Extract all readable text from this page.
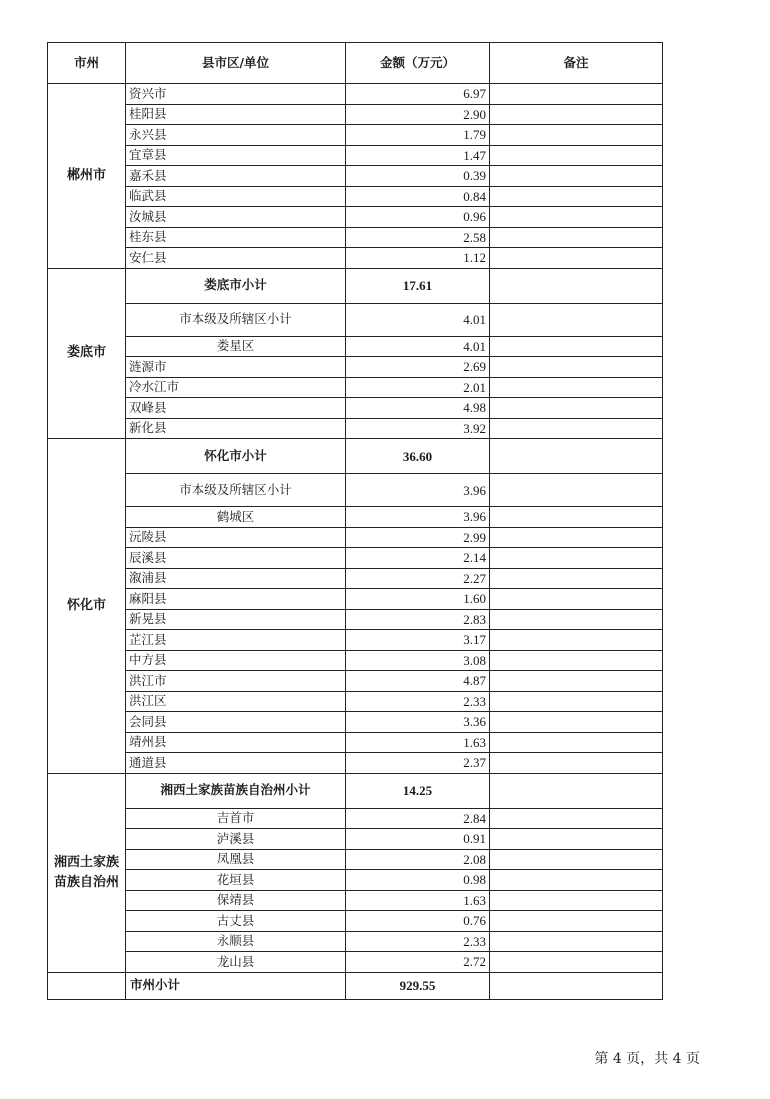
市州	县市区/单位	金额（万元）	备注
郴州市	资兴市	6.97	
	桂阳县	2.90	
	永兴县	1.79	
	宜章县	1.47	
	嘉禾县	0.39	
	临武县	0.84	
	汝城县	0.96	
	桂东县	2.58	
	安仁县	1.12	
娄底市	娄底市小计	17.61	
	市本级及所辖区小计	4.01	
	娄星区	4.01	
	涟源市	2.69	
	冷水江市	2.01	
	双峰县	4.98	
	新化县	3.92	
怀化市	怀化市小计	36.60	
	市本级及所辖区小计	3.96	
	鹤城区	3.96	
	沅陵县	2.99	
	辰溪县	2.14	
	溆浦县	2.27	
	麻阳县	1.60	
	新晃县	2.83	
	芷江县	3.17	
	中方县	3.08	
	洪江市	4.87	
	洪江区	2.33	
	会同县	3.36	
	靖州县	1.63	
	通道县	2.37	
湘西土家族苗族自治州	湘西土家族苗族自治州小计	14.25	
	吉首市	2.84	
	泸溪县	0.91	
	凤凰县	2.08	
	花垣县	0.98	
	保靖县	1.63	
	古丈县	0.76	
	永顺县	2.33	
	龙山县	2.72	
	市州小计	929.55	
第 4 页，共 4 页
